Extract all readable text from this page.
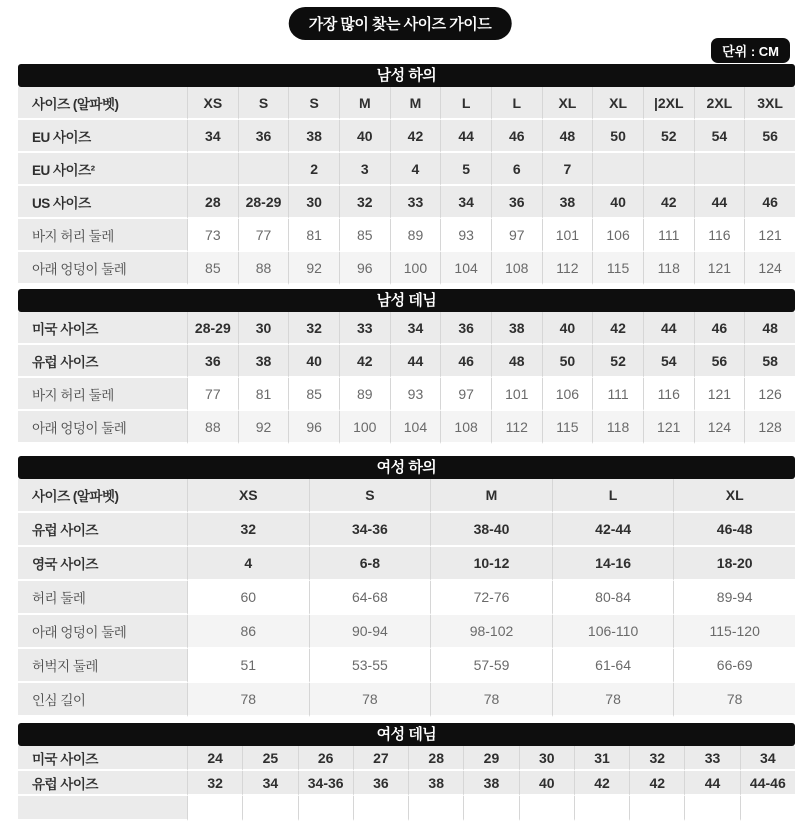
가장 많이 찾는 사이즈 가이드
단위 : CM
남성 하의
사이즈 (알파벳)	XS	S	S	M	M	L	L	XL	XL	|2XL	2XL	3XL
EU 사이즈	34	36	38	40	42	44	46	48	50	52	54	56
EU 사이즈²			2	3	4	5	6	7				
US 사이즈	28	28-29	30	32	33	34	36	38	40	42	44	46
바지 허리 둘레	73	77	81	85	89	93	97	101	106	111	116	121
아래 엉덩이 둘레	85	88	92	96	100	104	108	112	115	118	121	124
남성 데님
미국 사이즈	28-29	30	32	33	34	36	38	40	42	44	46	48
유럽 사이즈	36	38	40	42	44	46	48	50	52	54	56	58
바지 허리 둘레	77	81	85	89	93	97	101	106	111	116	121	126
아래 엉덩이 둘레	88	92	96	100	104	108	112	115	118	121	124	128
여성 하의
사이즈 (알파벳)	XS	S	M	L	XL
유럽 사이즈	32	34-36	38-40	42-44	46-48
영국 사이즈	4	6-8	10-12	14-16	18-20
허리 둘레	60	64-68	72-76	80-84	89-94
아래 엉덩이 둘레	86	90-94	98-102	106-110	115-120
허벅지 둘레	51	53-55	57-59	61-64	66-69
인심 길이	78	78	78	78	78
여성 데님
미국 사이즈	24	25	26	27	28	29	30	31	32	33	34
유럽 사이즈	32	34	34-36	36	38	38	40	42	42	44	44-46
